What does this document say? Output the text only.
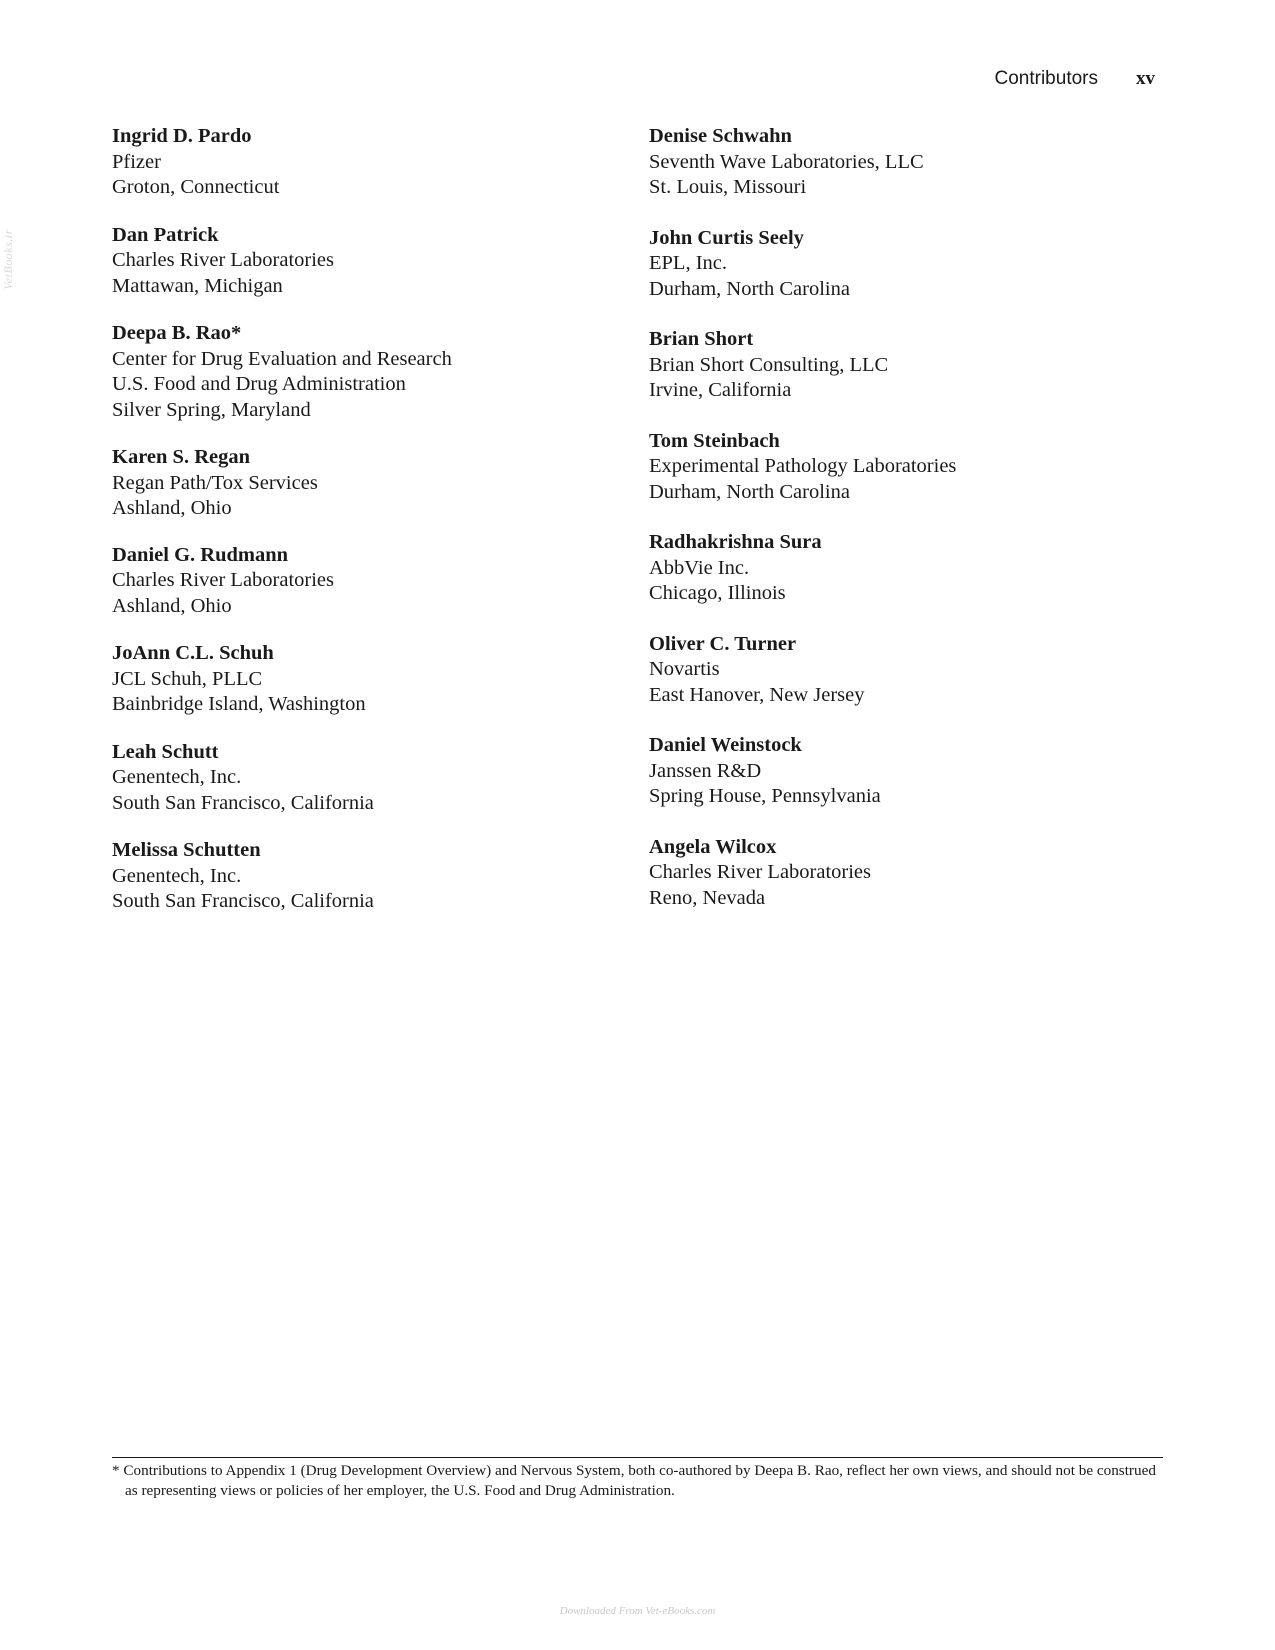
Contributors xv
VetBooks.ir
Ingrid D. Pardo
Pfizer
Groton, Connecticut
Dan Patrick
Charles River Laboratories
Mattawan, Michigan
Deepa B. Rao*
Center for Drug Evaluation and Research
U.S. Food and Drug Administration
Silver Spring, Maryland
Karen S. Regan
Regan Path/Tox Services
Ashland, Ohio
Daniel G. Rudmann
Charles River Laboratories
Ashland, Ohio
JoAnn C.L. Schuh
JCL Schuh, PLLC
Bainbridge Island, Washington
Leah Schutt
Genentech, Inc.
South San Francisco, California
Melissa Schutten
Genentech, Inc.
South San Francisco, California
Denise Schwahn
Seventh Wave Laboratories, LLC
St. Louis, Missouri
John Curtis Seely
EPL, Inc.
Durham, North Carolina
Brian Short
Brian Short Consulting, LLC
Irvine, California
Tom Steinbach
Experimental Pathology Laboratories
Durham, North Carolina
Radhakrishna Sura
AbbVie Inc.
Chicago, Illinois
Oliver C. Turner
Novartis
East Hanover, New Jersey
Daniel Weinstock
Janssen R&D
Spring House, Pennsylvania
Angela Wilcox
Charles River Laboratories
Reno, Nevada
* Contributions to Appendix 1 (Drug Development Overview) and Nervous System, both co-authored by Deepa B. Rao, reflect her own views, and should not be construed as representing views or policies of her employer, the U.S. Food and Drug Administration.
Downloaded From Vet-eBooks.com
